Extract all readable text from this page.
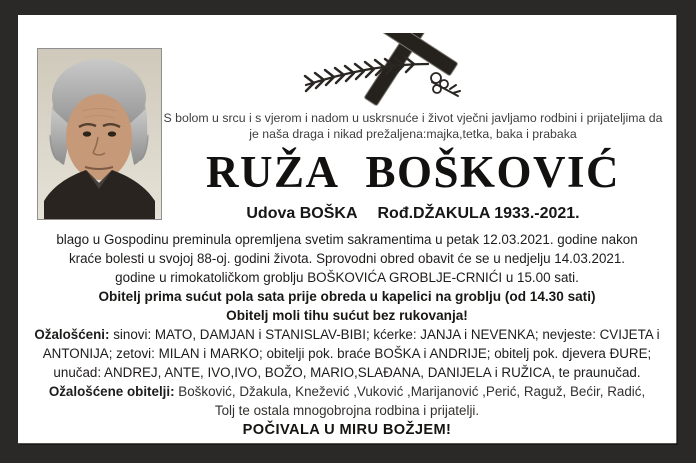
S bolom u srcu i s vjerom i nadom u uskrsnuće i život vječni javljamo rodbini i prijateljima da
je naša draga i nikad prežaljena:majka,tetka, baka i prabaka
RUŽA BOŠKOVIĆ
Udova BOŠKA Rođ.DŽAKULA 1933.-2021.
blago u Gospodinu preminula opremljena svetim sakramentima u petak 12.03.2021. godine nakon
kraće bolesti u svojoj 88-oj. godini života. Sprovodni obred obavit će se u nedjelju 14.03.2021.
godine u rimokatoličkom groblju BOŠKOVIĆA GROBLJE-CRNIĆI u 15.00 sati.
Obitelj prima sućut pola sata prije obreda u kapelici na groblju (od 14.30 sati)
Obitelj moli tihu sućut bez rukovanja!
Ožalošćeni: sinovi: MATO, DAMJAN i STANISLAV-BIBI; kćerke: JANJA i NEVENKA; nevjeste: CVIJETA i
ANTONIJA; zetovi: MILAN i MARKO; obitelji pok. braće BOŠKA i ANDRIJE; obitelj pok. djevera ĐURE;
unučad: ANDREJ, ANTE, IVO,IVO, BOŽO, MARIO,SLAĐANA, DANIJELA i RUŽICA, te praunučad.
Ožalošćene obitelji: Bošković, Džakula, Knežević ,Vuković ,Marijanović ,Perić, Raguž, Bećir, Radić,
Tolj te ostala mnogobrojna rodbina i prijatelji.
POČIVALA U MIRU BOŽJEM!
